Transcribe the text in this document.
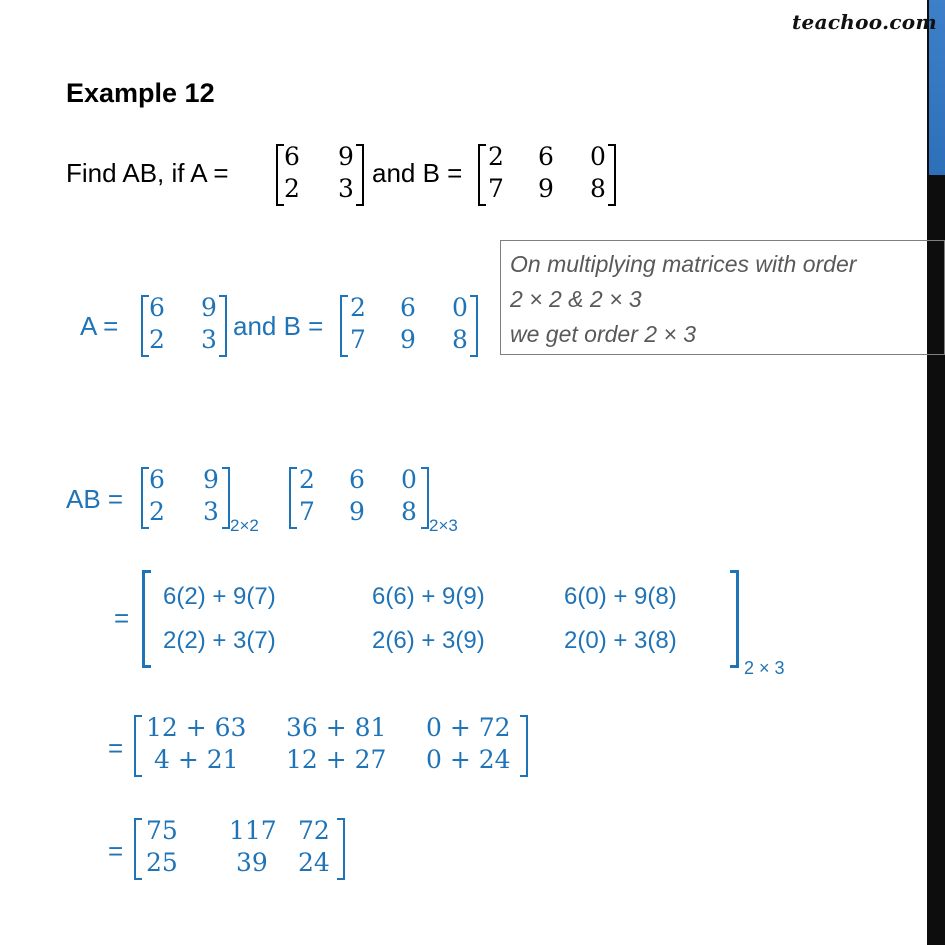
teachoo.com
Example 12
Find AB, if A =
6 9
2 3
and B =
2 6 0
7 9 8
On multiplying matrices with order
2 × 2 & 2 × 3
we get order 2 × 3
A =
6 9
2 3 and B =
2 6 0
7 9 8
AB =
6 9
2 3 2×2
2 6 0
7 9 8 2×3
=
6(2) + 9(7)	6(6) + 9(9)	6(0) + 9(8)
2(2) + 3(7)	2(6) + 3(9)	2(0) + 3(8)
2 × 3
=
12 + 63 36 + 81 0 + 72
4 + 21 12 + 27 0 + 24
=
75 117 72
25 39 24
